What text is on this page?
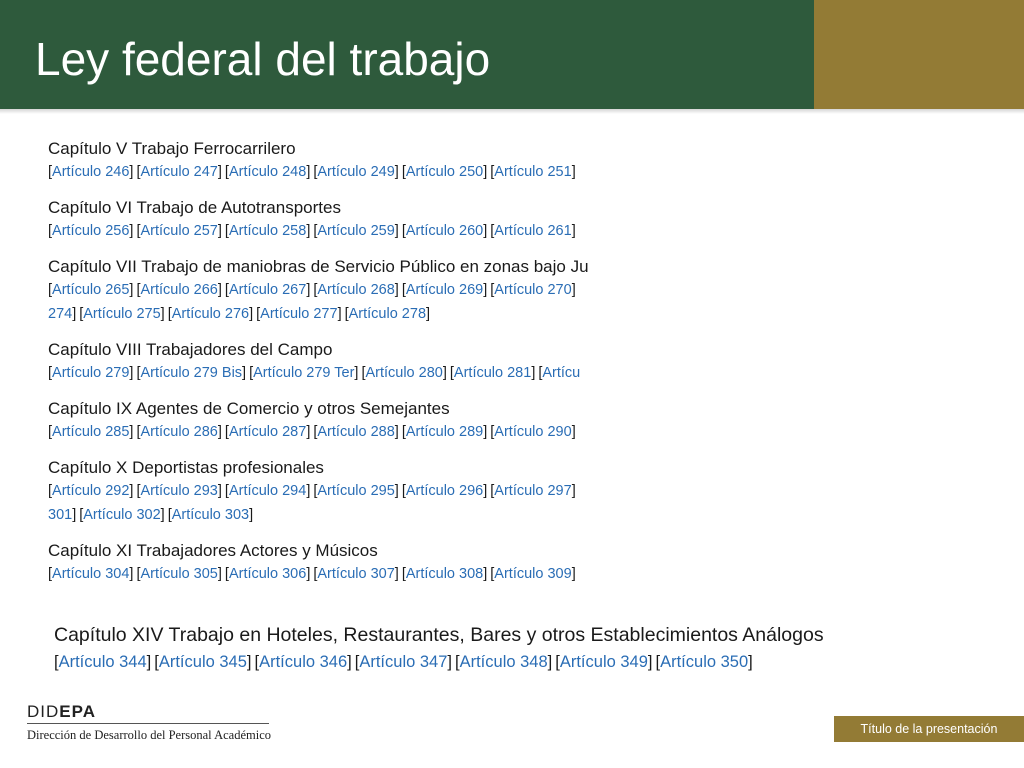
Ley federal del trabajo
Capítulo V Trabajo Ferrocarrilero
[Artículo 246] [Artículo 247] [Artículo 248] [Artículo 249] [Artículo 250] [Artículo 251]
Capítulo VI Trabajo de Autotransportes
[Artículo 256] [Artículo 257] [Artículo 258] [Artículo 259] [Artículo 260] [Artículo 261]
Capítulo VII Trabajo de maniobras de Servicio Público en zonas bajo Ju
[Artículo 265] [Artículo 266] [Artículo 267] [Artículo 268] [Artículo 269] [Artículo 270]
274] [Artículo 275] [Artículo 276] [Artículo 277] [Artículo 278]
Capítulo VIII Trabajadores del Campo
[Artículo 279] [Artículo 279 Bis] [Artículo 279 Ter] [Artículo 280] [Artículo 281] [Artícu
Capítulo IX Agentes de Comercio y otros Semejantes
[Artículo 285] [Artículo 286] [Artículo 287] [Artículo 288] [Artículo 289] [Artículo 290]
Capítulo X Deportistas profesionales
[Artículo 292] [Artículo 293] [Artículo 294] [Artículo 295] [Artículo 296] [Artículo 297]
301] [Artículo 302] [Artículo 303]
Capítulo XI Trabajadores Actores y Músicos
[Artículo 304] [Artículo 305] [Artículo 306] [Artículo 307] [Artículo 308] [Artículo 309]
Capítulo XIV Trabajo en Hoteles, Restaurantes, Bares y otros Establecimientos Análogos
[Artículo 344] [Artículo 345] [Artículo 346] [Artículo 347] [Artículo 348] [Artículo 349] [Artículo 350]
DIDEPA
Dirección de Desarrollo del Personal Académico	Título de la presentación
